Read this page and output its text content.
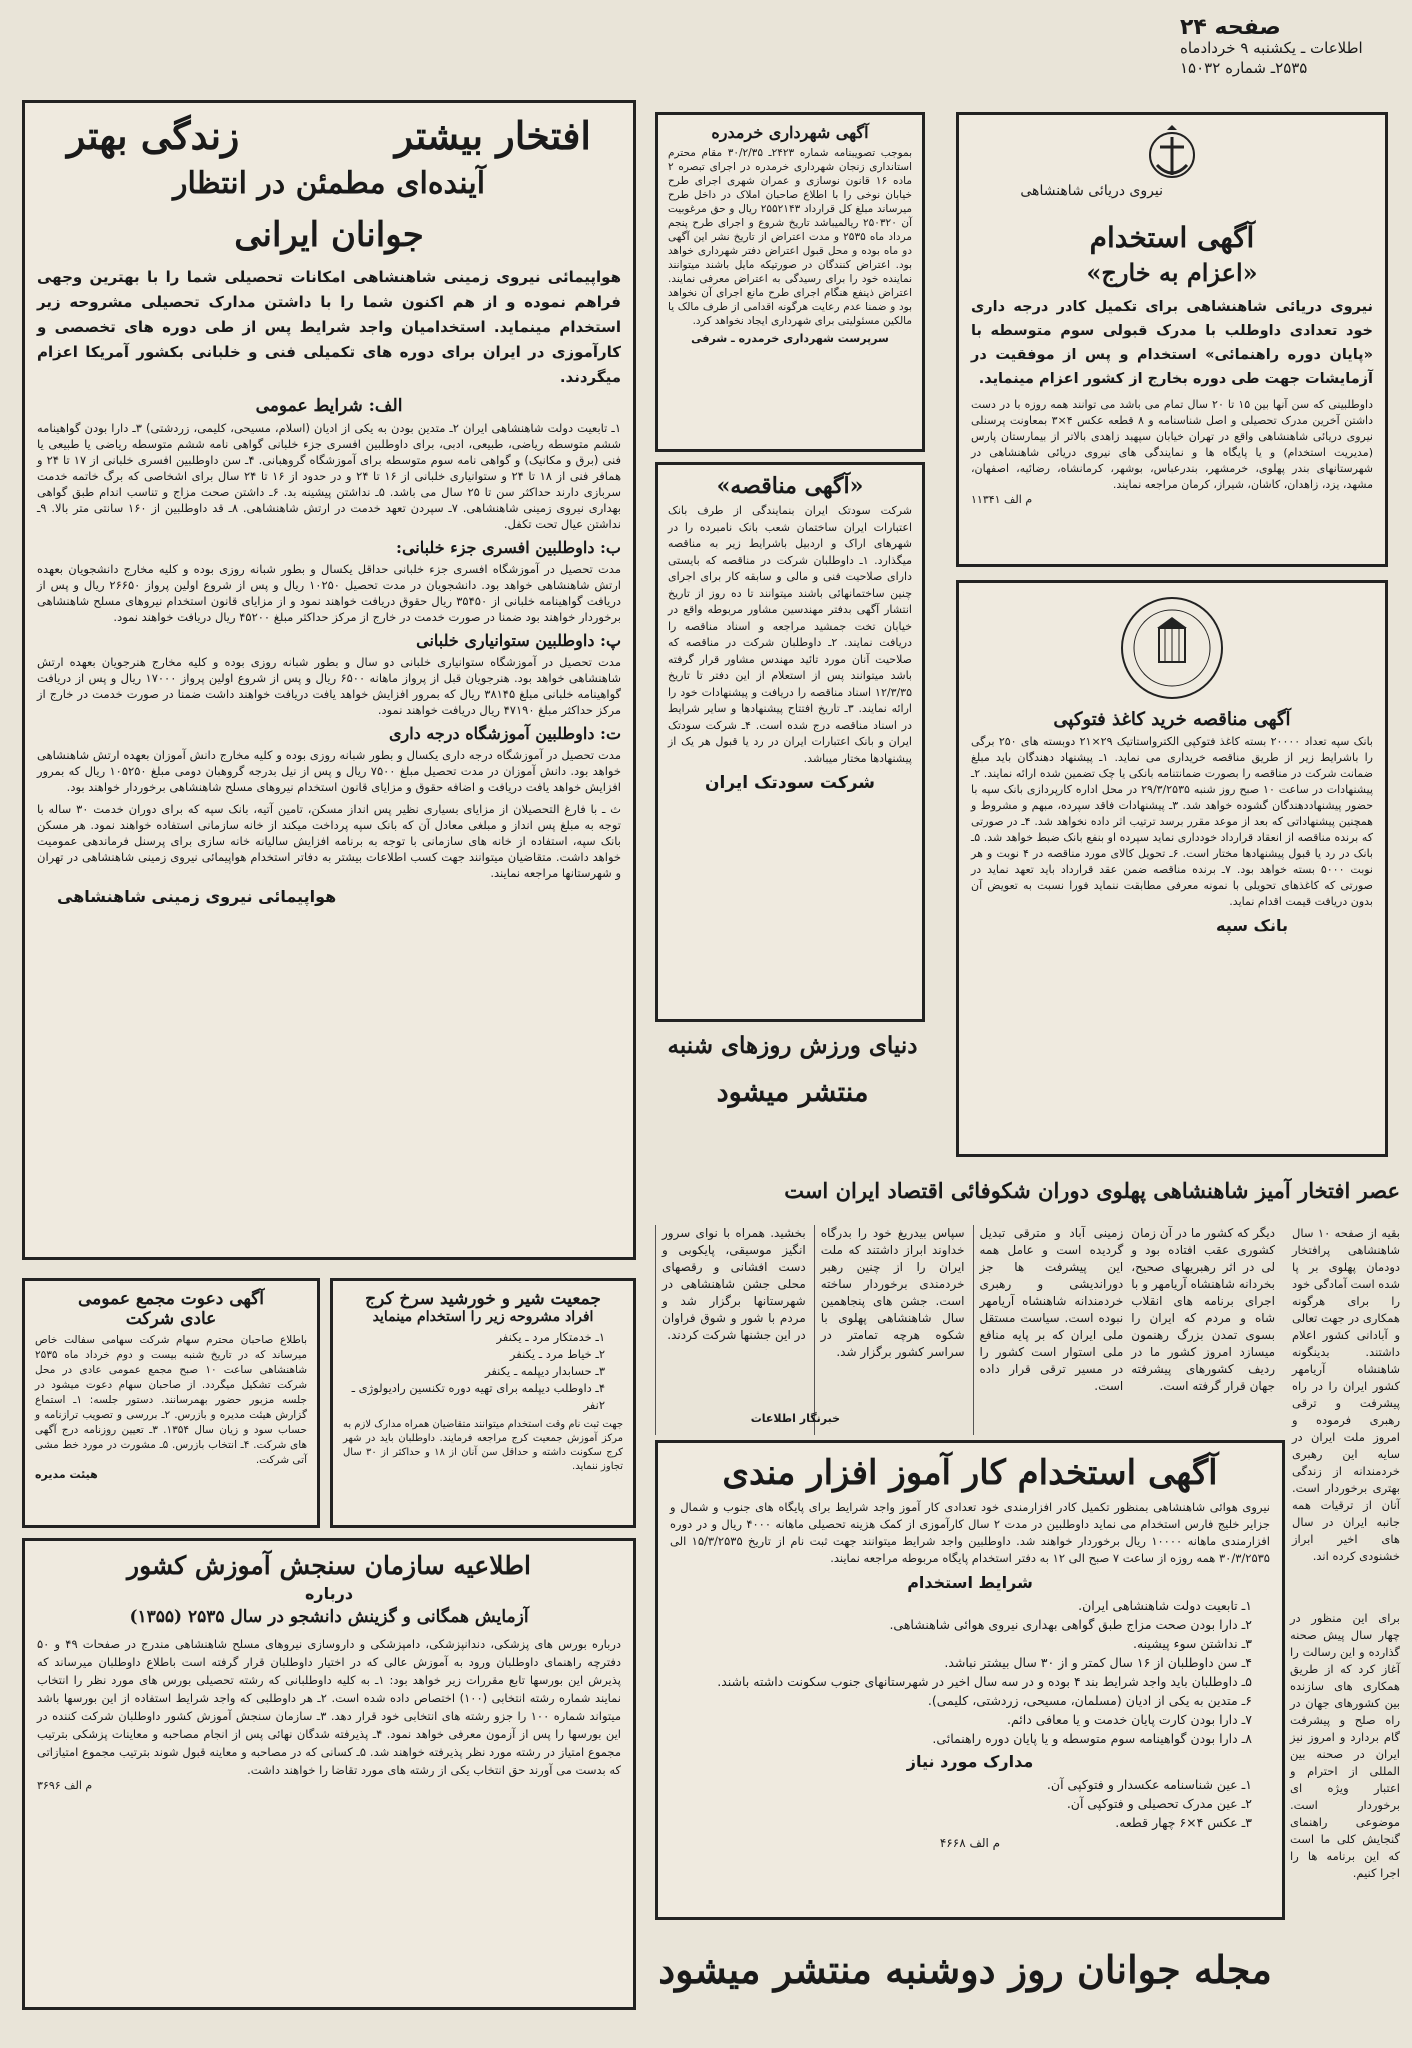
صفحه ۲۴
اطلاعات ـ یکشنبه ۹ خردادماه
۲۵۳۵ـ شماره ۱۵۰۳۲
افتخار بیشتر
زندگی بهتر
آینده‌ای مطمئن در انتظار
جوانان ایرانی

هواپیمائی نیروی زمینی شاهنشاهی امکانات تحصیلی شما را با بهترین وجهی فراهم نموده و از هم اکنون شما را با داشتن مدارک تحصیلی مشروحه زیر استخدام مینماید. استخدامیان واجد شرایط پس از طی دوره های تخصصی و کارآموزی در ایران برای دوره های تکمیلی فنی و خلبانی بکشور آمریکا اعزام میگردند.

الف: شرایط عمومی

۱ـ تابعیت دولت شاهنشاهی ایران ۲ـ متدین بودن به یکی از ادیان (اسلام، مسیحی، کلیمی، زردشتی) ۳ـ دارا بودن گواهینامه ششم متوسطه ریاضی، طبیعی، ادبی، برای داوطلبین افسری جزء خلبانی گواهی نامه ششم متوسطه ریاضی یا طبیعی یا فنی (برق و مکانیک) و گواهی نامه سوم متوسطه برای آموزشگاه گروهبانی. ۴ـ سن داوطلبین افسری خلبانی از ۱۷ تا ۲۴ و همافر فنی از ۱۸ تا ۲۴ و ستوانیاری خلبانی از ۱۶ تا ۲۴ و در حدود از ۱۶ تا ۲۴ سال برای اشخاصی که برگ خاتمه خدمت سربازی دارند حداکثر سن تا ۲۵ سال می باشد. ۵ـ نداشتن پیشینه بد. ۶ـ داشتن صحت مزاج و تناسب اندام طبق گواهی بهداری نیروی زمینی شاهنشاهی. ۷ـ سپردن تعهد خدمت در ارتش شاهنشاهی. ۸ـ قد داوطلبین از ۱۶۰ سانتی متر بالا. ۹ـ نداشتن عیال تحت تکفل.

ب: داوطلبین افسری جزء خلبانی:

مدت تحصیل در آموزشگاه افسری جزء خلبانی حداقل یکسال و بطور شبانه روزی بوده و کلیه مخارج دانشجویان بعهده ارتش شاهنشاهی خواهد بود. دانشجویان در مدت تحصیل ۱۰۲۵۰ ریال و پس از شروع اولین پرواز ۲۶۶۵۰ ریال و پس از دریافت گواهینامه خلبانی از ۳۵۴۵۰ ریال حقوق دریافت خواهند نمود و از مزایای قانون استخدام نیروهای مسلح شاهنشاهی برخوردار خواهند بود ضمنا در صورت خدمت در خارج از مرکز حداکثر مبلغ ۴۵۲۰۰ ریال دریافت خواهند نمود.

پ: داوطلبین ستوانیاری خلبانی

مدت تحصیل در آموزشگاه ستوانیاری خلبانی دو سال و بطور شبانه روزی بوده و کلیه مخارج هنرجویان بعهده ارتش شاهنشاهی خواهد بود. هنرجویان قبل از پرواز ماهانه ۶۵۰۰ ریال و پس از شروع اولین پرواز ۱۷۰۰۰ ریال و پس از دریافت گواهینامه خلبانی مبلغ ۳۸۱۴۵ ریال که بمرور افزایش خواهد یافت دریافت خواهند داشت ضمنا در صورت خدمت در خارج از مرکز حداکثر مبلغ ۴۷۱۹۰ ریال دریافت خواهند نمود.

ت: داوطلبین آموزشگاه درجه داری

مدت تحصیل در آموزشگاه درجه داری یکسال و بطور شبانه روزی بوده و کلیه مخارج دانش آموزان بعهده ارتش شاهنشاهی خواهد بود. دانش آموزان در مدت تحصیل مبلغ ۷۵۰۰ ریال و پس از نیل بدرجه گروهبان دومی مبلغ ۱۰۵۲۵۰ ریال که بمرور افزایش خواهد یافت دریافت و اضافه حقوق و مزایای قانون استخدام نیروهای مسلح شاهنشاهی برخوردار خواهند بود.

ث ـ با فارغ التحصیلان از مزایای بسیاری نظیر پس انداز مسکن، تامین آتیه، بانک سپه که برای دوران خدمت ۳۰ ساله با توجه به مبلغ پس انداز و مبلغی معادل آن که بانک سپه پرداخت میکند از خانه سازمانی استفاده خواهند نمود. هر مسکن بانک سپه، استفاده از خانه های سازمانی با توجه به برنامه افزایش سالیانه خانه سازی برای پرسنل فرماندهی عمومیت خواهد داشت. متقاضیان میتوانند جهت کسب اطلاعات بیشتر به دفاتر استخدام هواپیمائی نیروی زمینی شاهنشاهی در تهران و شهرستانها مراجعه نمایند.

هواپیمائی نیروی زمینی شاهنشاهی
آگهی شهرداری خرمدره

بموجب تصویبنامه شماره ۲۴۲۳ـ ۳۰/۲/۳۵ مقام محترم استانداری زنجان شهرداری خرمدره در اجرای تبصره ۲ ماده ۱۶ قانون نوسازی و عمران شهری اجرای طرح خیابان نوخی را با اطلاع صاحبان املاک در داخل طرح میرساند مبلغ کل قرارداد ۲۵۵۲۱۴۳ ریال و حق مرغوبیت آن ۲۵۰۳۲۰ ریالمیباشد تاریخ شروع و اجرای طرح پنجم مرداد ماه ۲۵۳۵ و مدت اعتراض از تاریخ نشر این آگهی دو ماه بوده و محل قبول اعتراض دفتر شهرداری خواهد بود. اعتراض کنندگان در صورتیکه مایل باشند میتوانند نماینده خود را برای رسیدگی به اعتراض معرفی نمایند. اعتراض ذینفع هنگام اجرای طرح مانع اجرای آن نخواهد بود و ضمنا عدم رعایت هرگونه اقدامی از طرف مالک یا مالکین مسئولیتی برای شهرداری ایجاد نخواهد کرد.

سرپرست شهرداری خرمدره ـ شرفی
«آگهی مناقصه»

شرکت سودتک ایران بنمایندگی از طرف بانک اعتبارات ایران ساختمان شعب بانک نامبرده را در شهرهای اراک و اردبیل باشرایط زیر به مناقصه میگذارد. ۱ـ داوطلبان شرکت در مناقصه که بایستی دارای صلاحیت فنی و مالی و سابقه کار برای اجرای چنین ساختمانهائی باشند میتوانند تا ده روز از تاریخ انتشار آگهی بدفتر مهندسین مشاور مربوطه واقع در خیابان تخت جمشید مراجعه و اسناد مناقصه را دریافت نمایند. ۲ـ داوطلبان شرکت در مناقصه که صلاحیت آنان مورد تائید مهندس مشاور قرار گرفته باشد میتوانند پس از استعلام از این دفتر تا تاریخ ۱۲/۳/۳۵ اسناد مناقصه را دریافت و پیشنهادات خود را ارائه نمایند. ۳ـ تاریخ افتتاح پیشنهادها و سایر شرایط در اسناد مناقصه درج شده است. ۴ـ شرکت سودتک ایران و بانک اعتبارات ایران در رد یا قبول هر یک از پیشنهادها مختار میباشد.

شرکت سودتک ایران
دنیای ورزش روزهای شنبه
منتشر میشود
نیروی دریائی شاهنشاهی
آگهی استخدام
«اعزام به خارج»

نیروی دریائی شاهنشاهی برای تکمیل کادر درجه داری خود تعدادی داوطلب با مدرک قبولی سوم متوسطه با «پایان دوره راهنمائی» استخدام و پس از موفقیت در آزمایشات جهت طی دوره بخارج از کشور اعزام مینماید.

داوطلبینی که سن آنها بین ۱۵ تا ۲۰ سال تمام می باشد می توانند همه روزه با در دست داشتن آخرین مدرک تحصیلی و اصل شناسنامه و ۸ قطعه عکس ۴×۳ بمعاونت پرسنلی نیروی دریائی شاهنشاهی واقع در تهران خیابان سپهبد زاهدی بالاتر از بیمارستان پارس (مدیریت استخدام) و یا پایگاه ها و نمایندگی های نیروی دریائی شاهنشاهی در شهرستانهای بندر پهلوی، خرمشهر، بندرعباس، بوشهر، کرمانشاه، رضائیه، اصفهان، مشهد، یزد، زاهدان، کاشان، شیراز، کرمان مراجعه نمایند.

م الف ۱۱۳۴۱
آگهی مناقصه خرید کاغذ فتوکپی

بانک سپه تعداد ۲۰۰۰۰ بسته کاغذ فتوکپی الکترواستاتیک ۲۹×۲۱ دوبسته های ۲۵۰ برگی را باشرایط زیر از طریق مناقصه خریداری می نماید. ۱ـ پیشنهاد دهندگان باید مبلغ ضمانت شرکت در مناقصه را بصورت ضمانتنامه بانکی یا چک تضمین شده ارائه نمایند. ۲ـ پیشنهادات در ساعت ۱۰ صبح روز شنبه ۲۹/۳/۲۵۳۵ در محل اداره کارپردازی بانک سپه با حضور پیشنهاددهندگان گشوده خواهد شد. ۳ـ پیشنهادات فاقد سپرده، مبهم و مشروط و همچنین پیشنهاداتی که بعد از موعد مقرر برسد ترتیب اثر داده نخواهد شد. ۴ـ در صورتی که برنده مناقصه از انعقاد قرارداد خودداری نماید سپرده او بنفع بانک ضبط خواهد شد. ۵ـ بانک در رد یا قبول پیشنهادها مختار است. ۶ـ تحویل کالای مورد مناقصه در ۴ نوبت و هر نوبت ۵۰۰۰ بسته خواهد بود. ۷ـ برنده مناقصه ضمن عقد قرارداد باید تعهد نماید در صورتی که کاغذهای تحویلی با نمونه معرفی مطابقت ننماید فورا نسبت به تعویض آن بدون دریافت قیمت اقدام نماید.

بانک سپه
عصر افتخار آمیز شاهنشاهی پهلوی دوران شکوفائی اقتصاد ایران است
دیگر که کشور ما در آن زمان کشوری عقب افتاده بود و لی در اثر رهبریهای صحیح، بخردانه شاهنشاه آریامهر و با اجرای برنامه های انقلاب شاه و مردم که ایران را بسوی تمدن بزرگ رهنمون میسازد امروز کشور ما در ردیف کشورهای پیشرفته جهان قرار گرفته است.
زمینی آباد و مترقی تبدیل گردیده است و عامل همه این پیشرفت ها جز دوراندیشی و رهبری خردمندانه شاهنشاه آریامهر نبوده است. سیاست مستقل ملی ایران که بر پایه منافع ملی استوار است کشور را در مسیر ترقی قرار داده است.
سپاس بیدریغ خود را بدرگاه خداوند ابراز داشتند که ملت ایران را از چنین رهبر خردمندی برخوردار ساخته است. جشن های پنجاهمین سال شاهنشاهی پهلوی با شکوه هرچه تمامتر در سراسر کشور برگزار شد.
بخشید. همراه با نوای سرور انگیز موسیقی، پایکوبی و دست افشانی و رقصهای محلی جشن شاهنشاهی در شهرستانها برگزار شد و مردم با شور و شوق فراوان در این جشنها شرکت کردند.
خبرنگار اطلاعات
بقیه از صفحه ۱۰ سال شاهنشاهی پرافتخار دودمان پهلوی بر پا شده است آمادگی خود را برای هرگونه همکاری در جهت تعالی و آبادانی کشور اعلام داشتند. بدینگونه شاهنشاه آریامهر کشور ایران را در راه پیشرفت و ترقی رهبری فرموده و امروز ملت ایران در سایه این رهبری خردمندانه از زندگی بهتری برخوردار است. آنان از ترقیات همه جانبه ایران در سال های اخیر ابراز خشنودی کرده اند.
برای این منظور در چهار سال پیش صحنه گذارده و این رسالت را آغاز کرد که از طریق همکاری های سازنده بین کشورهای جهان در راه صلح و پیشرفت گام بردارد و امروز نیز ایران در صحنه بین المللی از احترام و اعتبار ویژه ای برخوردار است. موضوعی راهنمای گنجایش کلی ما است که این برنامه ها را اجرا کنیم.
آگهی استخدام کار آموز افزار مندی

نیروی هوائی شاهنشاهی بمنظور تکمیل کادر افزارمندی خود تعدادی کار آموز واجد شرایط برای پایگاه های جنوب و شمال و جزایر خلیج فارس استخدام می نماید داوطلبین در مدت ۲ سال کارآموزی از کمک هزینه تحصیلی ماهانه ۴۰۰۰ ریال و در دوره افزارمندی ماهانه ۱۰۰۰۰ ریال برخوردار خواهند شد. داوطلبین واجد شرایط میتوانند جهت ثبت نام از تاریخ ۱۵/۳/۲۵۳۵ الی ۳۰/۳/۲۵۳۵ همه روزه از ساعت ۷ صبح الی ۱۲ به دفتر استخدام پایگاه مربوطه مراجعه نمایند.

شرایط استخدام
۱ـ تابعیت دولت شاهنشاهی ایران.
۲ـ دارا بودن صحت مزاج طبق گواهی بهداری نیروی هوائی شاهنشاهی.
۳ـ نداشتن سوء پیشینه.
۴ـ سن داوطلبان از ۱۶ سال کمتر و از ۳۰ سال بیشتر نباشد.
۵ـ داوطلبان باید واجد شرایط بند ۴ بوده و در سه سال اخیر در شهرستانهای جنوب سکونت داشته باشند.
۶ـ متدین به یکی از ادیان (مسلمان، مسیحی، زردشتی، کلیمی).
۷ـ دارا بودن کارت پایان خدمت و یا معافی دائم.
۸ـ دارا بودن گواهینامه سوم متوسطه و یا پایان دوره راهنمائی.
مدارک مورد نیاز
۱ـ عین شناسنامه عکسدار و فتوکپی آن.
۲ـ عین مدرک تحصیلی و فتوکپی آن.
۳ـ عکس ۴×۶ چهار قطعه.
م الف ۴۶۶۸
مجله جوانان روز دوشنبه منتشر میشود
آگهی دعوت مجمع عمومی
عادی شرکت

باطلاع صاحبان محترم سهام شرکت سهامی سفالت خاص میرساند که در تاریخ شنبه بیست و دوم خرداد ماه ۲۵۳۵ شاهنشاهی ساعت ۱۰ صبح مجمع عمومی عادی در محل شرکت تشکیل میگردد. از صاحبان سهام دعوت میشود در جلسه مزبور حضور بهمرسانند. دستور جلسه: ۱ـ استماع گزارش هیئت مدیره و بازرس. ۲ـ بررسی و تصویب ترازنامه و حساب سود و زیان سال ۱۳۵۴. ۳ـ تعیین روزنامه درج آگهی های شرکت. ۴ـ انتخاب بازرس. ۵ـ مشورت در مورد خط مشی آتی شرکت.

هیئت مدیره
جمعیت شیر و خورشید سرخ کرج
افراد مشروحه زیر را استخدام مینماید
۱ـ خدمتکار مرد ـ یکنفر
۲ـ خیاط مرد ـ یکنفر
۳ـ حسابدار دیپلمه ـ یکنفر
۴ـ داوطلب دیپلمه برای تهیه دوره تکنسین رادیولوژی ـ ۲نفر

جهت ثبت نام وقت استخدام میتوانند متقاضیان همراه مدارک لازم به مرکز آموزش جمعیت کرج مراجعه فرمایند. داوطلبان باید در شهر کرج سکونت داشته و حداقل سن آنان از ۱۸ و حداکثر از ۳۰ سال تجاوز ننماید.

اطلاعیه سازمان سنجش آموزش کشور
درباره
آزمایش همگانی و گزینش دانشجو در سال ۲۵۳۵ (۱۳۵۵)

درباره بورس های پزشکی، دندانپزشکی، دامپزشکی و داروسازی نیروهای مسلح شاهنشاهی مندرج در صفحات ۴۹ و ۵۰ دفترچه راهنمای داوطلبان ورود به آموزش عالی که در اختیار داوطلبان قرار گرفته است باطلاع داوطلبان میرساند که پذیرش این بورسها تابع مقررات زیر خواهد بود: ۱ـ به کلیه داوطلبانی که رشته تحصیلی بورس های مورد نظر را انتخاب نمایند شماره رشته انتخابی (۱۰۰) اختصاص داده شده است. ۲ـ هر داوطلبی که واجد شرایط استفاده از این بورسها باشد میتواند شماره ۱۰۰ را جزو رشته های انتخابی خود قرار دهد. ۳ـ سازمان سنجش آموزش کشور داوطلبان شرکت کننده در این بورسها را پس از آزمون معرفی خواهد نمود. ۴ـ پذیرفته شدگان نهائی پس از انجام مصاحبه و معاینات پزشکی بترتیب مجموع امتیاز در رشته مورد نظر پذیرفته خواهند شد. ۵ـ کسانی که در مصاحبه و معاینه قبول شوند بترتیب مجموع امتیازاتی که بدست می آورند حق انتخاب یکی از رشته های مورد تقاضا را خواهند داشت.

م الف ۳۶۹۶
